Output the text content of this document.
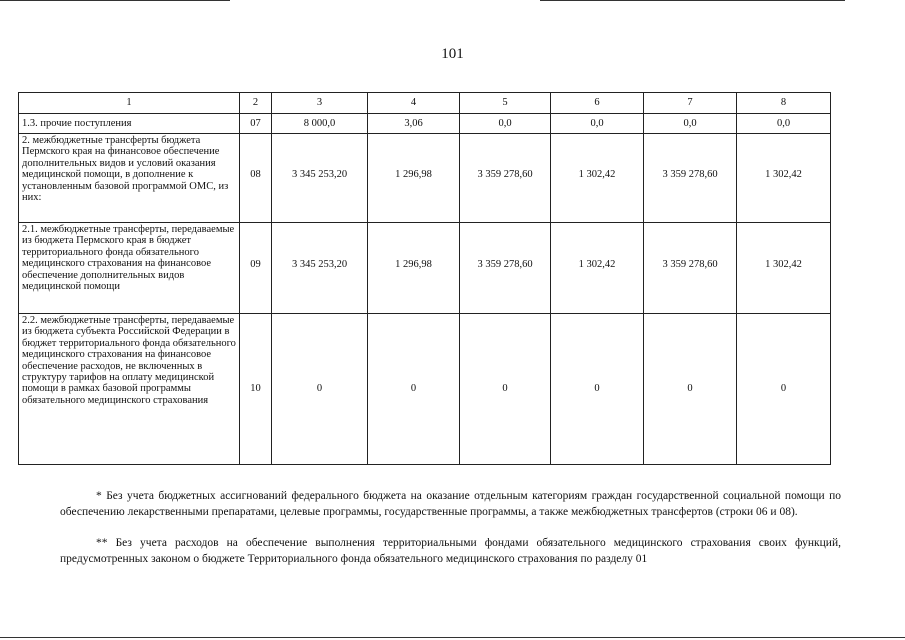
101
1	2	3	4	5	6	7	8
1.3. прочие поступления	07	8 000,0	3,06	0,0	0,0	0,0	0,0
2. межбюджетные трансферты бюджета Пермского края на финансовое обеспечение дополнительных видов и условий оказания медицинской помощи, в дополнение к установленным базовой программой ОМС, из них:	08	3 345 253,20	1 296,98	3 359 278,60	1 302,42	3 359 278,60	1 302,42
2.1. межбюджетные трансферты, передаваемые из бюджета Пермского края в бюджет территориального фонда обязательного медицинского страхования на финансовое обеспечение дополнительных видов медицинской помощи	09	3 345 253,20	1 296,98	3 359 278,60	1 302,42	3 359 278,60	1 302,42
2.2. межбюджетные трансферты, передаваемые из бюджета субъекта Российской Федерации в бюджет территориального фонда обязательного медицинского страхования на финансовое обеспечение расходов, не включенных в структуру тарифов на оплату медицинской помощи в рамках базовой программы обязательного медицинского страхования	10	0	0	0	0	0	0
* Без учета бюджетных ассигнований федерального бюджета на оказание отдельным категориям граждан государственной социальной помощи по обеспечению лекарственными препаратами, целевые программы, государственные программы, а также межбюджетных трансфертов (строки 06 и 08).
** Без учета расходов на обеспечение выполнения территориальными фондами обязательного медицинского страхования своих функций, предусмотренных законом о бюджете Территориального фонда обязательного медицинского страхования по разделу 01
